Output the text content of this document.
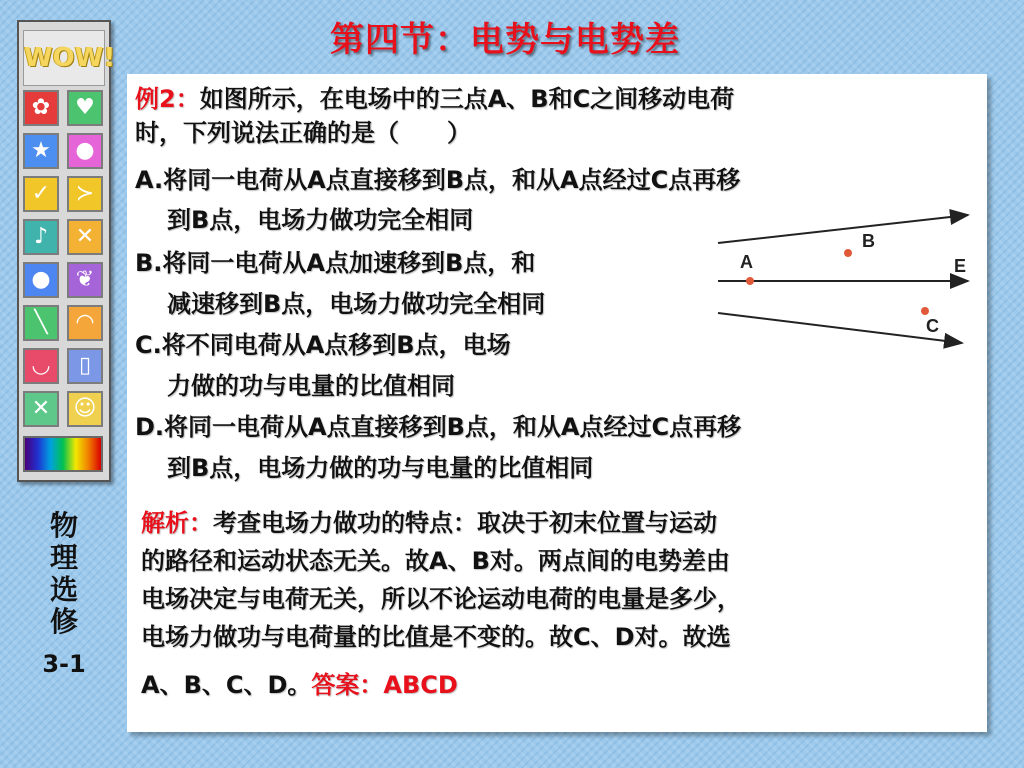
第四节：电势与电势差
WOW!
✿ ♥
★ ●
✓ ≻
♪ ✕
● ❦
╲ ◠
◡ ▯
✕ ☺
物理选修
3-1
例2：如图所示，在电场中的三点A、B和C之间移动电荷
时，下列说法正确的是（　　）
A.将同一电荷从A点直接移到B点，和从A点经过C点再移
到B点，电场力做功完全相同
B.将同一电荷从A点加速移到B点，和
减速移到B点，电场力做功完全相同
C.将不同电荷从A点移到B点，电场
力做的功与电量的比值相同
D.将同一电荷从A点直接移到B点，和从A点经过C点再移
到B点，电场力做的功与电量的比值相同
解析：考查电场力做功的特点：取决于初末位置与运动
的路径和运动状态无关。故A、B对。两点间的电势差由
电场决定与电荷无关，所以不论运动电荷的电量是多少，
电场力做功与电荷量的比值是不变的。故C、D对。故选
A、B、C、D。答案：ABCD
A
B
C
E
